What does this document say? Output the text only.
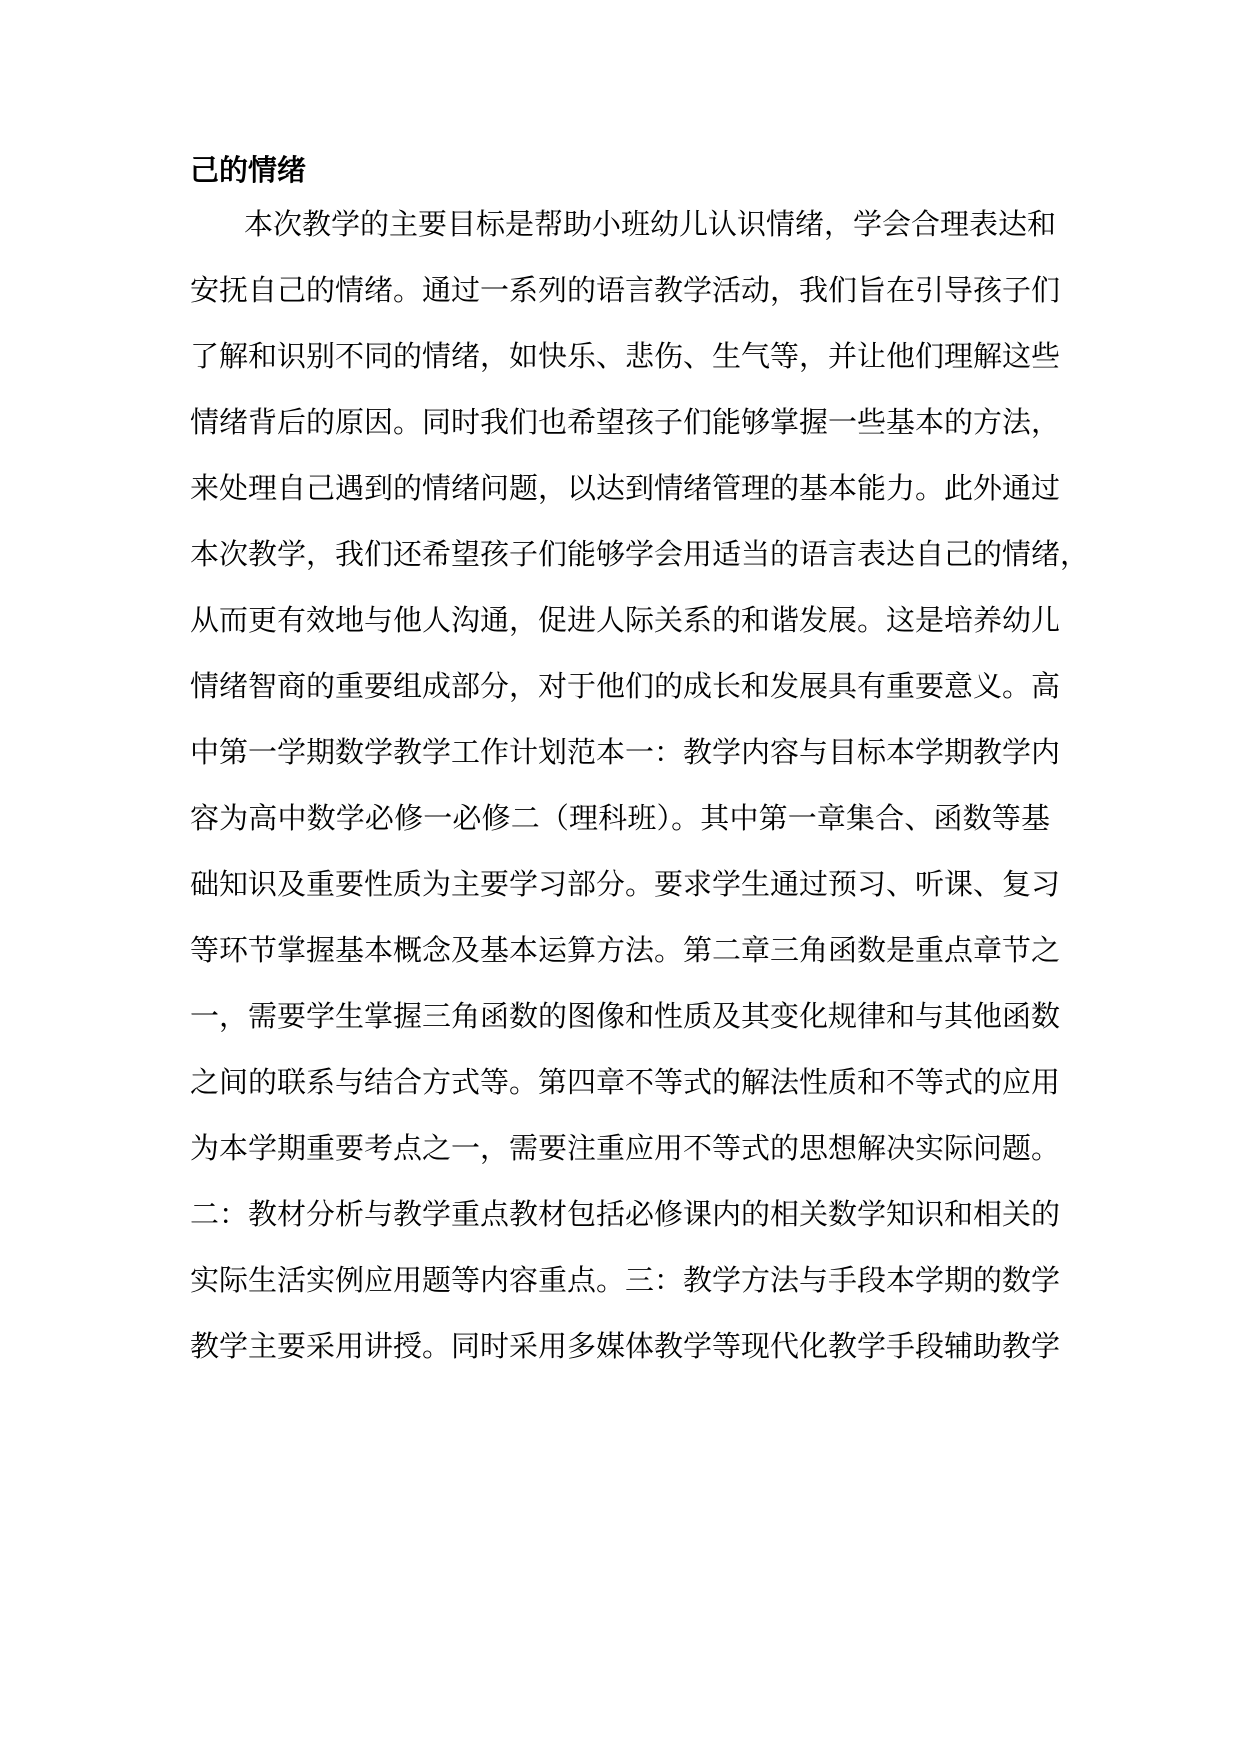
己的情绪
本次教学的主要目标是帮助小班幼儿认识情绪，学会合理表达和
安抚自己的情绪。通过一系列的语言教学活动，我们旨在引导孩子们
了解和识别不同的情绪，如快乐、悲伤、生气等，并让他们理解这些
情绪背后的原因。同时我们也希望孩子们能够掌握一些基本的方法，
来处理自己遇到的情绪问题，以达到情绪管理的基本能力。此外通过
本次教学，我们还希望孩子们能够学会用适当的语言表达自己的情绪，
从而更有效地与他人沟通，促进人际关系的和谐发展。这是培养幼儿
情绪智商的重要组成部分，对于他们的成长和发展具有重要意义。高
中第一学期数学教学工作计划范本一：教学内容与目标本学期教学内
容为高中数学必修一必修二（理科班）。其中第一章集合、函数等基
础知识及重要性质为主要学习部分。要求学生通过预习、听课、复习
等环节掌握基本概念及基本运算方法。第二章三角函数是重点章节之
一，需要学生掌握三角函数的图像和性质及其变化规律和与其他函数
之间的联系与结合方式等。第四章不等式的解法性质和不等式的应用
为本学期重要考点之一，需要注重应用不等式的思想解决实际问题。
二：教材分析与教学重点教材包括必修课内的相关数学知识和相关的
实际生活实例应用题等内容重点。三：教学方法与手段本学期的数学
教学主要采用讲授。同时采用多媒体教学等现代化教学手段辅助教学
